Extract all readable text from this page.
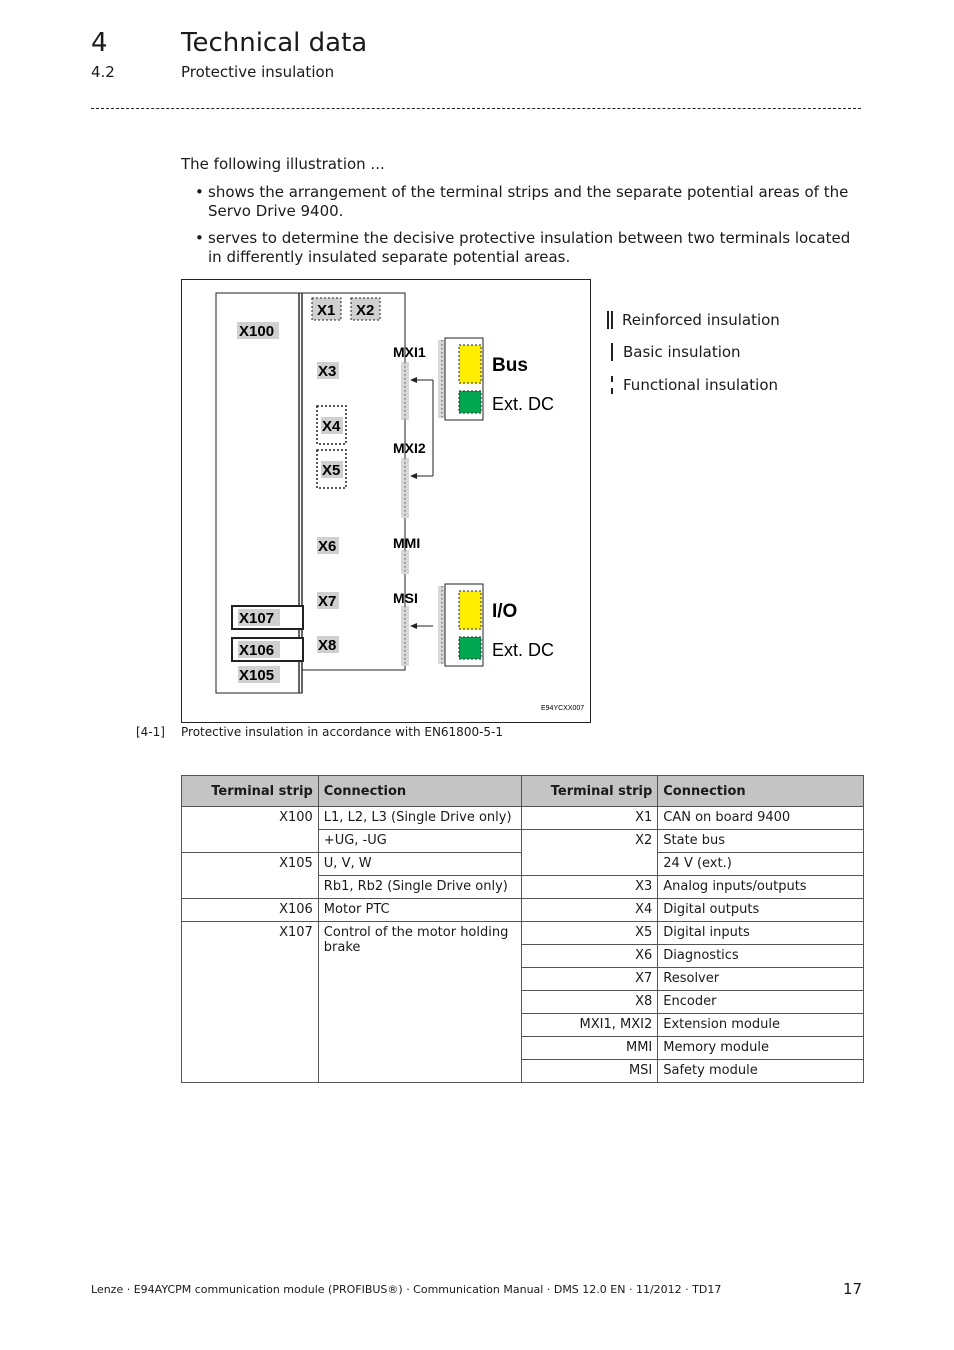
4	Technical data
4.2	Protective insulation
The following illustration ...
• shows the arrangement of the terminal strips and the separate potential areas of the Servo Drive 9400.
• serves to determine the decisive protective insulation between two terminals located in differently insulated separate potential areas.
X100
X1 X2
X3
X4
X5
X6
X7
X8
X107
X106
X105
MXI1
MXI2
MMI
MSI
Bus
Ext. DC
I/O
Ext. DC
E94YCXX007
Reinforced insulation
Basic insulation
Functional insulation
[4-1] Protective insulation in accordance with EN61800-5-1
Terminal strip	Connection	Terminal strip	Connection
X100	L1, L2, L3 (Single Drive only)	X1	CAN on board 9400
	+UG, -UG	X2	State bus
X105	U, V, W		24 V (ext.)
	Rb1, Rb2 (Single Drive only)	X3	Analog inputs/outputs
X106	Motor PTC	X4	Digital outputs
X107	Control of the motor holding brake	X5	Digital inputs
		X6	Diagnostics
		X7	Resolver
		X8	Encoder
		MXI1, MXI2	Extension module
		MMI	Memory module
		MSI	Safety module
Lenze · E94AYCPM communication module (PROFIBUS®) · Communication Manual · DMS 12.0 EN · 11/2012 · TD17	17
